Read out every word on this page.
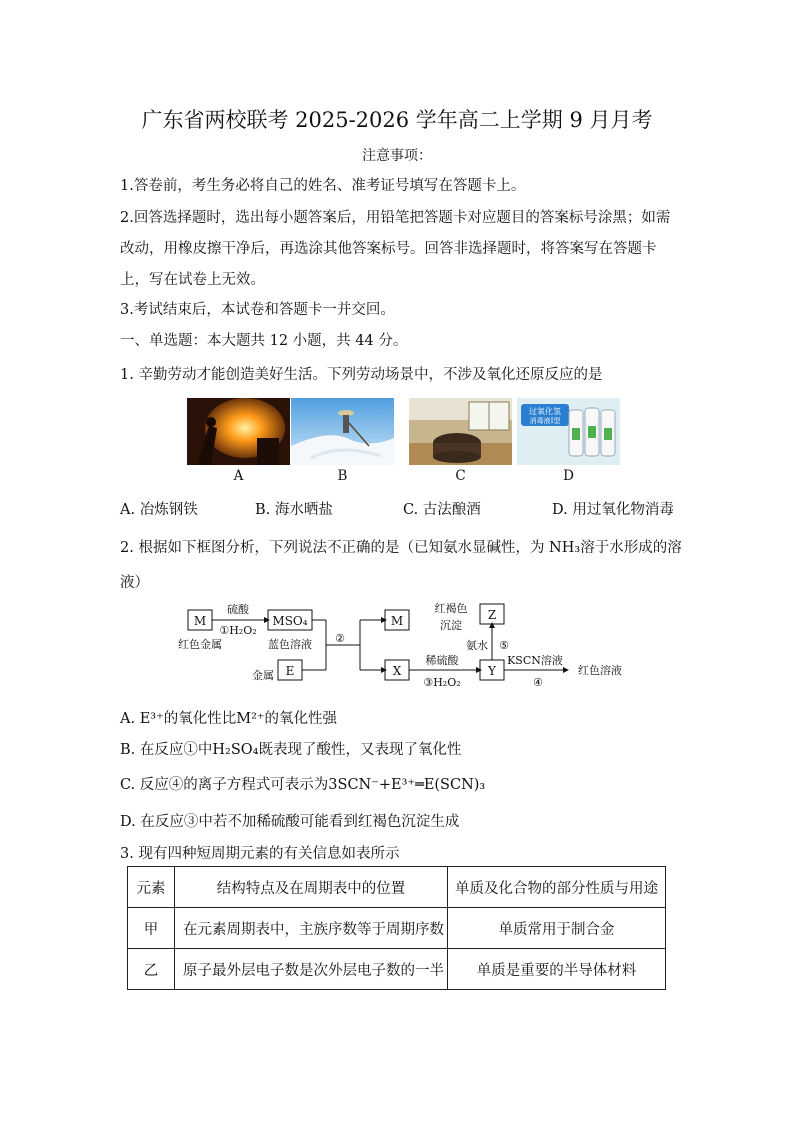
广东省两校联考 2025-2026 学年高二上学期 9 月月考
注意事项：
1.答卷前，考生务必将自己的姓名、准考证号填写在答题卡上。
2.回答选择题时，选出每小题答案后，用铅笔把答题卡对应题目的答案标号涂黑；如需改动，用橡皮擦干净后，再选涂其他答案标号。回答非选择题时，将答案写在答题卡上，写在试卷上无效。
3.考试结束后，本试卷和答题卡一并交回。
一、单选题：本大题共 12 小题，共 44 分。
1. 辛勤劳动才能创造美好生活。下列劳动场景中，不涉及氧化还原反应的是
过氧化氢
消毒液I型
A	B	C	D
A. 冶炼钢铁	B. 海水晒盐	C. 古法酿酒	D. 用过氧化物消毒
2. 根据如下框图分析，下列说法不正确的是（已知氨水显碱性，为 NH₃溶于水形成的溶
液）
M	MSO₄
E
M
X	Y
Z
硫酸
①H₂O₂
红色金属	蓝色溶液 ②
金属
稀硫酸
③H₂O₂
红褐色
沉淀
氨水 ⑤
KSCN溶液
④
红色溶液
A. E³⁺的氧化性比M²⁺的氧化性强
B. 在反应①中H₂SO₄既表现了酸性，又表现了氧化性
C. 反应④的离子方程式可表示为3SCN⁻+E³⁺═E(SCN)₃
D. 在反应③中若不加稀硫酸可能看到红褐色沉淀生成
3. 现有四种短周期元素的有关信息如表所示
元素	结构特点及在周期表中的位置	单质及化合物的部分性质与用途
甲	在元素周期表中，主族序数等于周期序数	单质常用于制合金
乙	原子最外层电子数是次外层电子数的一半	单质是重要的半导体材料
